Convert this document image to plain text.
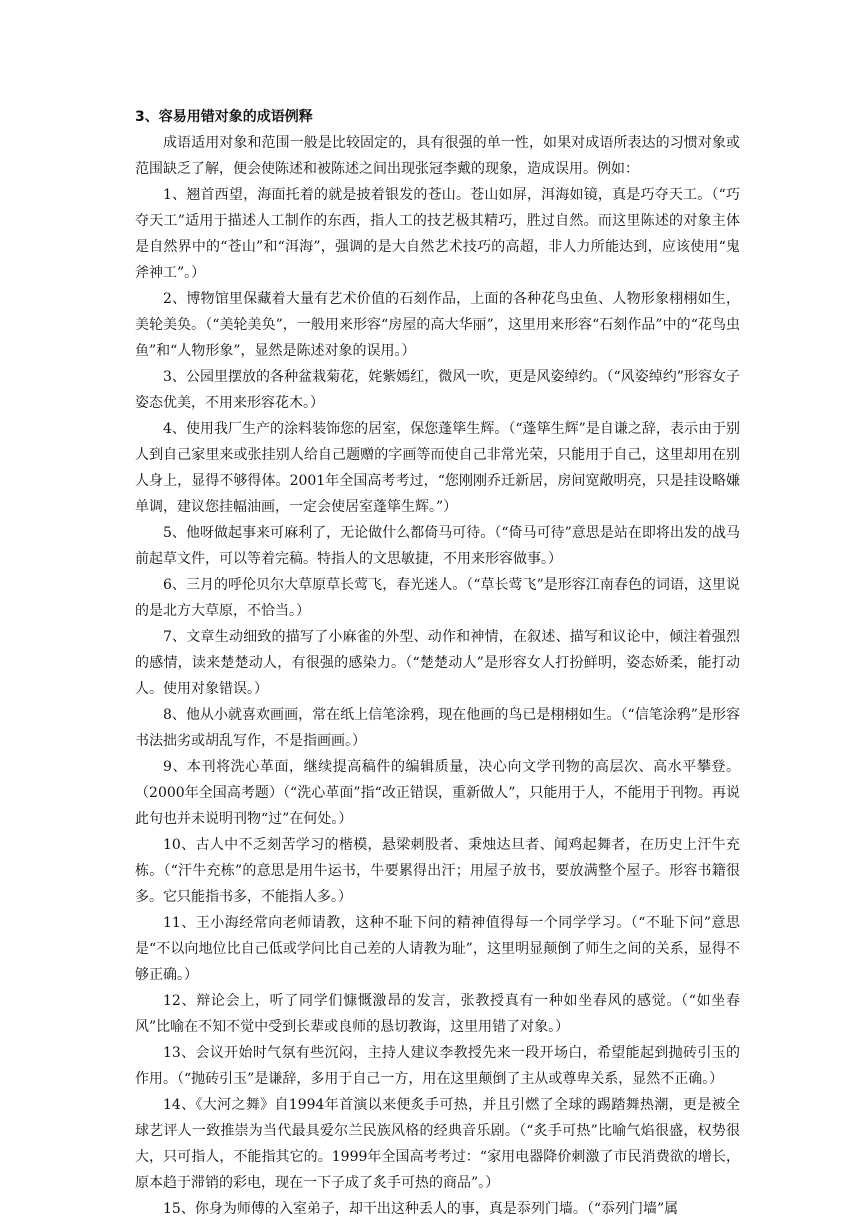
3、容易用错对象的成语例释

成语适用对象和范围一般是比较固定的，具有很强的单一性，如果对成语所表达的习惯对象或范围缺乏了解，便会使陈述和被陈述之间出现张冠李戴的现象，造成误用。例如：

1、翘首西望，海面托着的就是披着银发的苍山。苍山如屏，洱海如镜，真是巧夺天工。（“巧夺天工”适用于描述人工制作的东西，指人工的技艺极其精巧，胜过自然。而这里陈述的对象主体是自然界中的“苍山”和“洱海”，强调的是大自然艺术技巧的高超，非人力所能达到，应该使用“鬼斧神工”。）

2、博物馆里保藏着大量有艺术价值的石刻作品，上面的各种花鸟虫鱼、人物形象栩栩如生，美轮美奂。（“美轮美奂”，一般用来形容“房屋的高大华丽”，这里用来形容“石刻作品”中的“花鸟虫鱼”和“人物形象”，显然是陈述对象的误用。）

3、公园里摆放的各种盆栽菊花，姹紫嫣红，微风一吹，更是风姿绰约。（“风姿绰约”形容女子姿态优美，不用来形容花木。）

4、使用我厂生产的涂料装饰您的居室，保您蓬筚生辉。（“蓬筚生辉”是自谦之辞，表示由于别人到自己家里来或张挂别人给自己题赠的字画等而使自己非常光荣，只能用于自己，这里却用在别人身上，显得不够得体。2001年全国高考考过，“您刚刚乔迁新居，房间宽敞明亮，只是挂设略嫌单调，建议您挂幅油画，一定会使居室蓬筚生辉。”）

5、他呀做起事来可麻利了，无论做什么都倚马可待。（“倚马可待”意思是站在即将出发的战马前起草文件，可以等着完稿。特指人的文思敏捷，不用来形容做事。）

6、三月的呼伦贝尔大草原草长莺飞，春光迷人。（“草长莺飞”是形容江南春色的词语，这里说的是北方大草原，不恰当。）

7、文章生动细致的描写了小麻雀的外型、动作和神情，在叙述、描写和议论中，倾注着强烈的感情，读来楚楚动人，有很强的感染力。（“楚楚动人”是形容女人打扮鲜明，姿态娇柔，能打动人。使用对象错误。）

8、他从小就喜欢画画，常在纸上信笔涂鸦，现在他画的鸟已是栩栩如生。（“信笔涂鸦”是形容书法拙劣或胡乱写作，不是指画画。）

9、本刊将洗心革面，继续提高稿件的编辑质量，决心向文学刊物的高层次、高水平攀登。（2000年全国高考题）（“洗心革面”指“改正错误，重新做人”，只能用于人，不能用于刊物。再说此句也并未说明刊物“过”在何处。）

10、古人中不乏刻苦学习的楷模，悬梁刺股者、秉烛达旦者、闻鸡起舞者，在历史上汗牛充栋。（“汗牛充栋”的意思是用牛运书，牛要累得出汗；用屋子放书，要放满整个屋子。形容书籍很多。它只能指书多，不能指人多。）

11、王小海经常向老师请教，这种不耻下问的精神值得每一个同学学习。（“不耻下问”意思是“不以向地位比自己低或学问比自己差的人请教为耻”，这里明显颠倒了师生之间的关系，显得不够正确。）

12、辩论会上，听了同学们慷慨激昂的发言，张教授真有一种如坐春风的感觉。（“如坐春风”比喻在不知不觉中受到长辈或良师的恳切教诲，这里用错了对象。）

13、会议开始时气氛有些沉闷，主持人建议李教授先来一段开场白，希望能起到抛砖引玉的作用。（“抛砖引玉”是谦辞，多用于自己一方，用在这里颠倒了主从或尊卑关系，显然不正确。）

14、《大河之舞》自1994年首演以来便炙手可热，并且引燃了全球的踢踏舞热潮，更是被全球艺评人一致推崇为当代最具爱尔兰民族风格的经典音乐剧。（“炙手可热”比喻气焰很盛，权势很大，只可指人，不能指其它的。1999年全国高考考过：“家用电器降价刺激了市民消费欲的增长，原本趋于滞销的彩电，现在一下子成了炙手可热的商品”。）

15、你身为师傅的入室弟子，却干出这种丢人的事，真是忝列门墙。（“忝列门墙”属
